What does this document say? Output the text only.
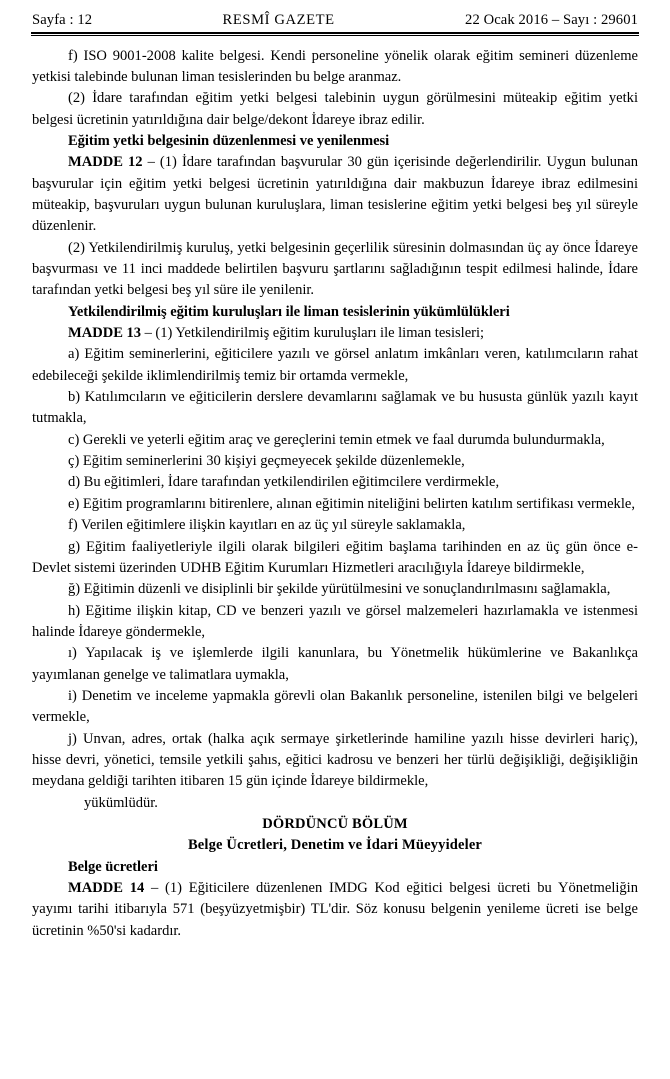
Sayfa : 12	RESMÎ GAZETE	22 Ocak 2016 – Sayı : 29601

f) ISO 9001-2008 kalite belgesi. Kendi personeline yönelik olarak eğitim semineri düzenleme yetkisi talebinde bulunan liman tesislerinden bu belge aranmaz.

(2) İdare tarafından eğitim yetki belgesi talebinin uygun görülmesini müteakip eğitim yetki belgesi ücretinin yatırıldığına dair belge/dekont İdareye ibraz edilir.

Eğitim yetki belgesinin düzenlenmesi ve yenilenmesi

MADDE 12 – (1) İdare tarafından başvurular 30 gün içerisinde değerlendirilir. Uygun bulunan başvurular için eğitim yetki belgesi ücretinin yatırıldığına dair makbuzun İdareye ibraz edilmesini müteakip, başvuruları uygun bulunan kuruluşlara, liman tesislerine eğitim yetki belgesi beş yıl süreyle düzenlenir.

(2) Yetkilendirilmiş kuruluş, yetki belgesinin geçerlilik süresinin dolmasından üç ay önce İdareye başvurması ve 11 inci maddede belirtilen başvuru şartlarını sağladığının tespit edilmesi halinde, İdare tarafından yetki belgesi beş yıl süre ile yenilenir.

Yetkilendirilmiş eğitim kuruluşları ile liman tesislerinin yükümlülükleri

MADDE 13 – (1) Yetkilendirilmiş eğitim kuruluşları ile liman tesisleri;

a) Eğitim seminerlerini, eğiticilere yazılı ve görsel anlatım imkânları veren, katılımcıların rahat edebileceği şekilde iklimlendirilmiş temiz bir ortamda vermekle,

b) Katılımcıların ve eğiticilerin derslere devamlarını sağlamak ve bu hususta günlük yazılı kayıt tutmakla,

c) Gerekli ve yeterli eğitim araç ve gereçlerini temin etmek ve faal durumda bulundurmakla,

ç) Eğitim seminerlerini 30 kişiyi geçmeyecek şekilde düzenlemekle,

d) Bu eğitimleri, İdare tarafından yetkilendirilen eğitimcilere verdirmekle,

e) Eğitim programlarını bitirenlere, alınan eğitimin niteliğini belirten katılım sertifikası vermekle,

f) Verilen eğitimlere ilişkin kayıtları en az üç yıl süreyle saklamakla,

g) Eğitim faaliyetleriyle ilgili olarak bilgileri eğitim başlama tarihinden en az üç gün önce e-Devlet sistemi üzerinden UDHB Eğitim Kurumları Hizmetleri aracılığıyla İdareye bildirmekle,

ğ) Eğitimin düzenli ve disiplinli bir şekilde yürütülmesini ve sonuçlandırılmasını sağlamakla,

h) Eğitime ilişkin kitap, CD ve benzeri yazılı ve görsel malzemeleri hazırlamakla ve istenmesi halinde İdareye göndermekle,

ı) Yapılacak iş ve işlemlerde ilgili kanunlara, bu Yönetmelik hükümlerine ve Bakanlıkça yayımlanan genelge ve talimatlara uymakla,

i) Denetim ve inceleme yapmakla görevli olan Bakanlık personeline, istenilen bilgi ve belgeleri vermekle,

j) Unvan, adres, ortak (halka açık sermaye şirketlerinde hamiline yazılı hisse devirleri hariç), hisse devri, yönetici, temsile yetkili şahıs, eğitici kadrosu ve benzeri her türlü değişikliği, değişikliğin meydana geldiği tarihten itibaren 15 gün içinde İdareye bildirmekle,

yükümlüdür.

DÖRDÜNCÜ BÖLÜM

Belge Ücretleri, Denetim ve İdari Müeyyideler

Belge ücretleri

MADDE 14 – (1) Eğiticilere düzenlenen IMDG Kod eğitici belgesi ücreti bu Yönetmeliğin yayımı tarihi itibarıyla 571 (beşyüzyetmişbir) TL'dir. Söz konusu belgenin yenileme ücreti ise belge ücretinin %50'si kadardır.
